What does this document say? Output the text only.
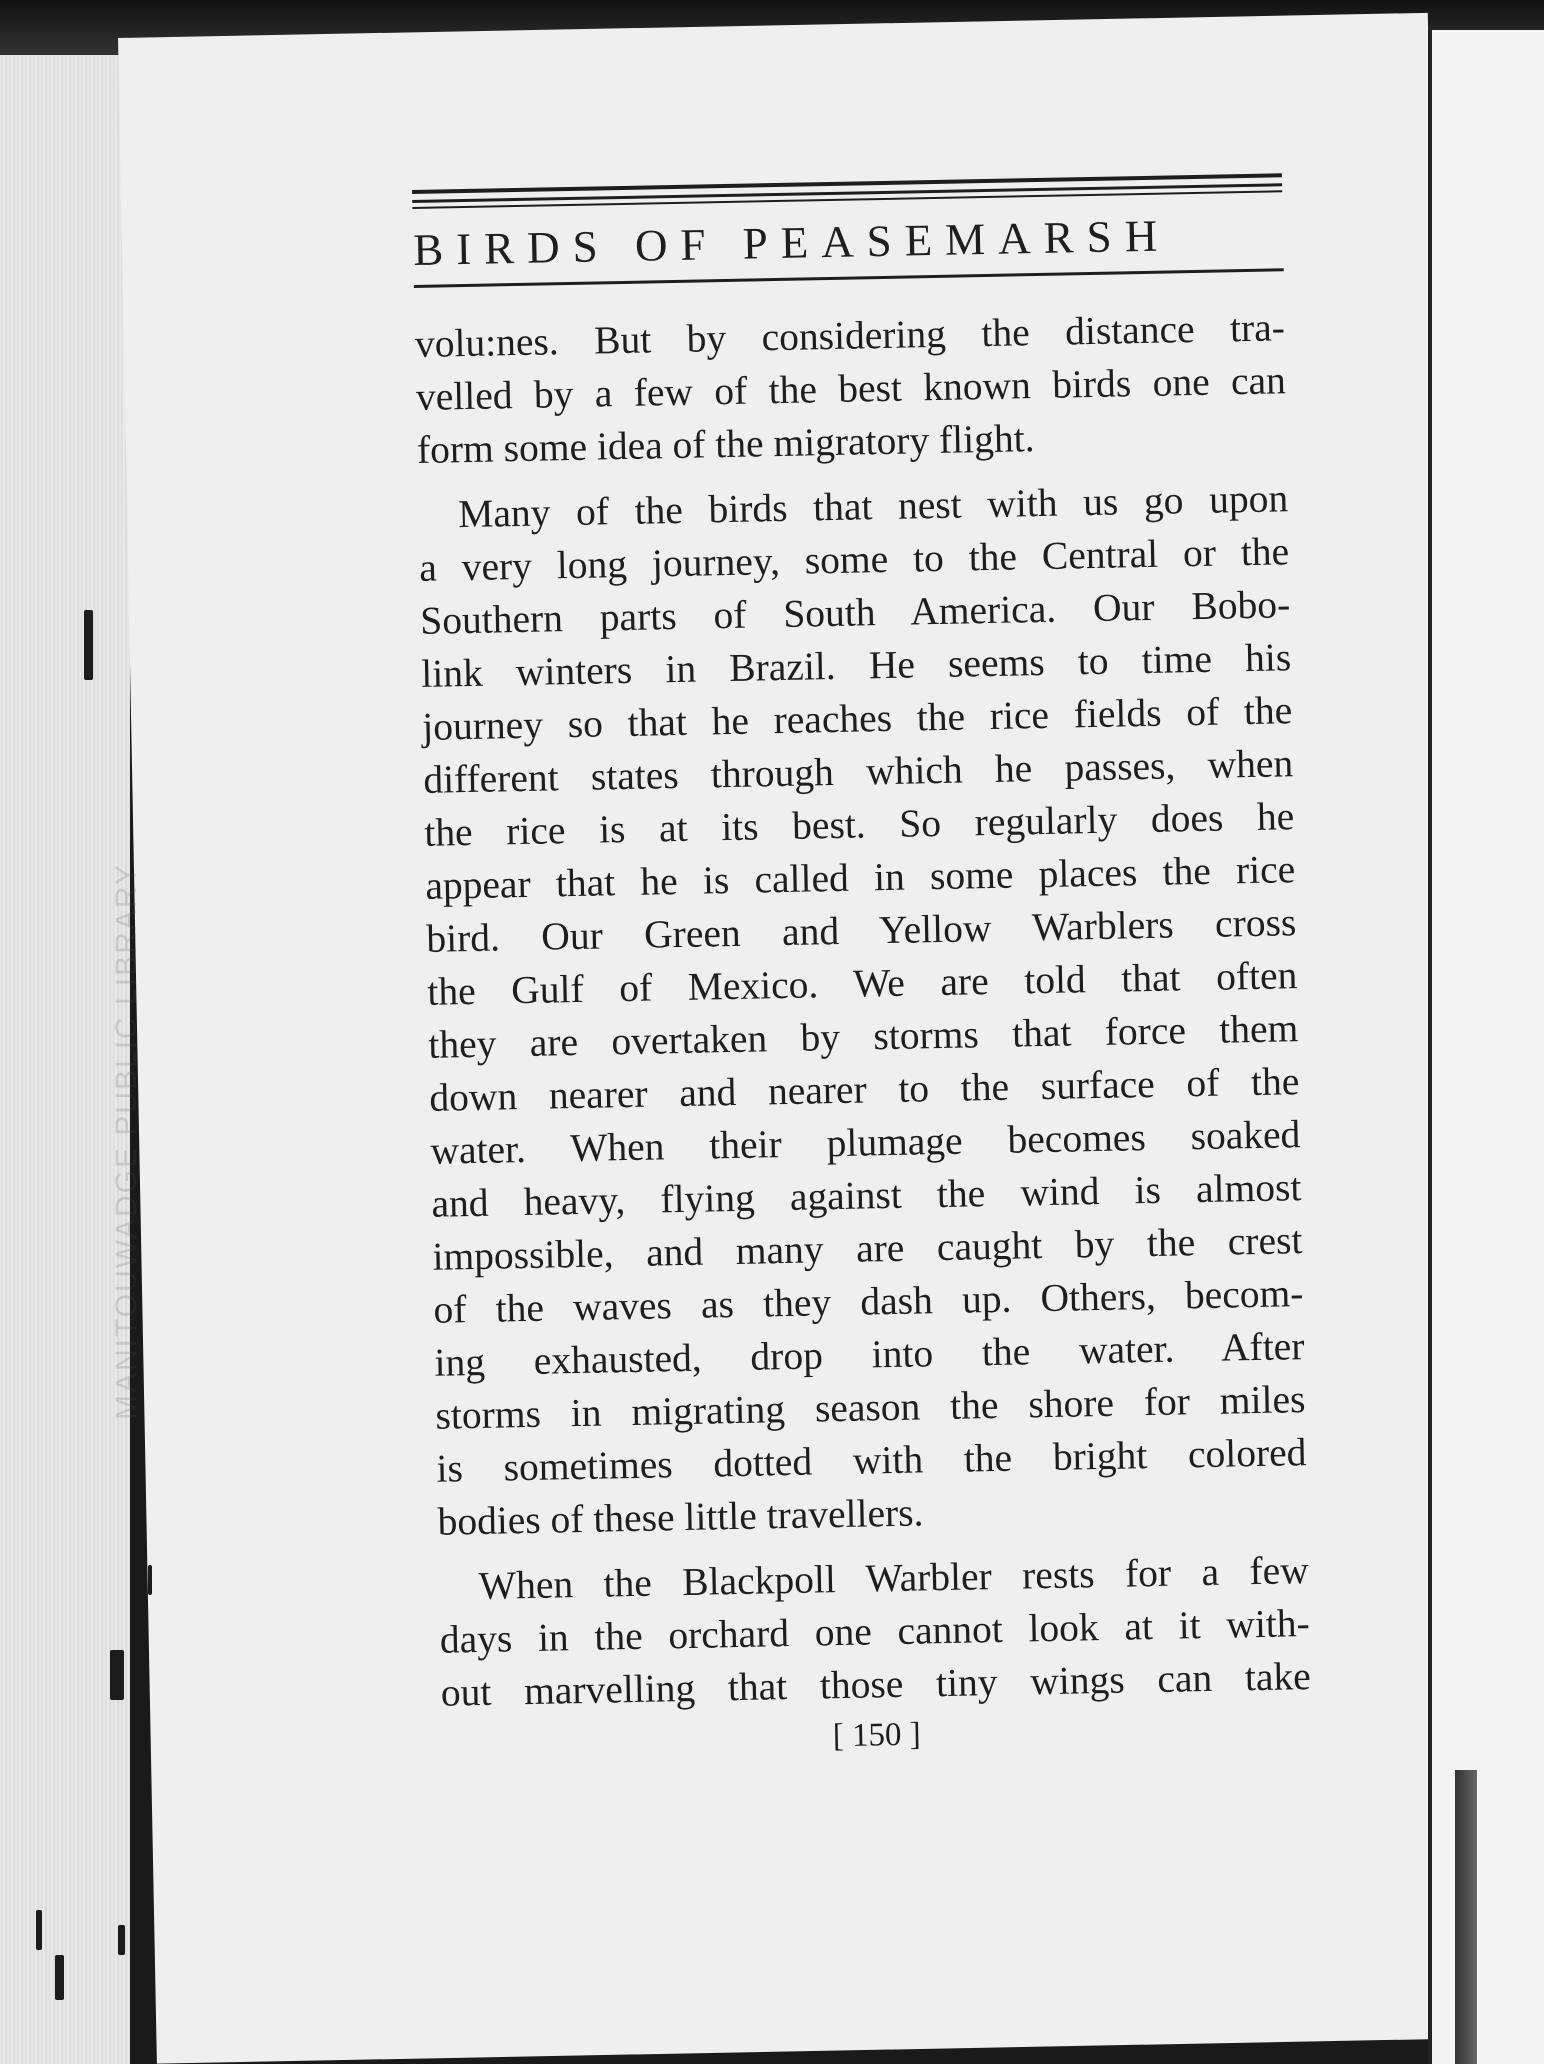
MANITOUWADGE PUBLIC LIBRARY
BIRDS OF PEASEMARSH

volu:nes. But by considering the distance tra-
velled by a few of the best known birds one can
form some idea of the migratory flight.

Many of the birds that nest with us go upon
a very long journey, some to the Central or the
Southern parts of South America. Our Bobo-
link winters in Brazil. He seems to time his
journey so that he reaches the rice fields of the
different states through which he passes, when
the rice is at its best. So regularly does he
appear that he is called in some places the rice
bird. Our Green and Yellow Warblers cross
the Gulf of Mexico. We are told that often
they are overtaken by storms that force them
down nearer and nearer to the surface of the
water. When their plumage becomes soaked
and heavy, flying against the wind is almost
impossible, and many are caught by the crest
of the waves as they dash up. Others, becom-
ing exhausted, drop into the water. After
storms in migrating season the shore for miles
is sometimes dotted with the bright colored
bodies of these little travellers.

When the Blackpoll Warbler rests for a few
days in the orchard one cannot look at it with-
out marvelling that those tiny wings can take

[ 150 ]
